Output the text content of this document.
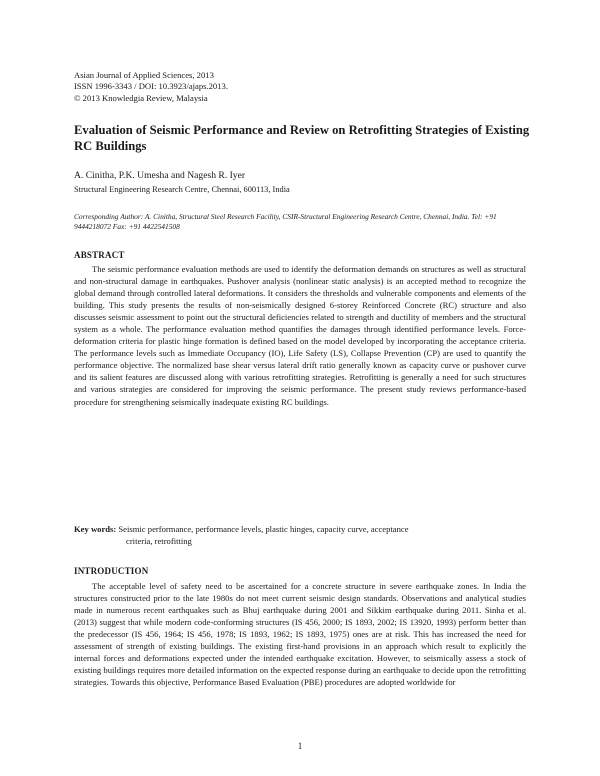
Asian Journal of Applied Sciences, 2013
ISSN 1996-3343 / DOI: 10.3923/ajaps.2013.
© 2013 Knowledgia Review, Malaysia
Evaluation of Seismic Performance and Review on Retrofitting Strategies of Existing RC Buildings
A. Cinitha, P.K. Umesha and Nagesh R. Iyer
Structural Engineering Research Centre, Chennai, 600113, India
Corresponding Author: A. Cinitha, Structural Steel Research Facility, CSIR-Structural Engineering Research Centre, Chennai, India. Tel: +91 9444218072 Fax: +91 4422541508
ABSTRACT

The seismic performance evaluation methods are used to identify the deformation demands on structures as well as structural and non-structural damage in earthquakes. Pushover analysis (nonlinear static analysis) is an accepted method to recognize the global demand through controlled lateral deformations. It considers the thresholds and vulnerable components and elements of the building. This study presents the results of non-seismically designed 6-storey Reinforced Concrete (RC) structure and also discusses seismic assessment to point out the structural deficiencies related to strength and ductility of members and the structural system as a whole. The performance evaluation method quantifies the damages through identified performance levels. Force-deformation criteria for plastic hinge formation is defined based on the model developed by incorporating the acceptance criteria. The performance levels such as Immediate Occupancy (IO), Life Safety (LS), Collapse Prevention (CP) are used to quantify the performance objective. The normalized base shear versus lateral drift ratio generally known as capacity curve or pushover curve and its salient features are discussed along with various retrofitting strategies. Retrofitting is generally a need for such structures and various strategies are considered for improving the seismic performance. The present study reviews performance-based procedure for strengthening seismically inadequate existing RC buildings.

Key words: Seismic performance, performance levels, plastic hinges, capacity curve, acceptance
criteria, retrofitting
INTRODUCTION

The acceptable level of safety need to be ascertained for a concrete structure in severe earthquake zones. In India the structures constructed prior to the late 1980s do not meet current seismic design standards. Observations and analytical studies made in numerous recent earthquakes such as Bhuj earthquake during 2001 and Sikkim earthquake during 2011. Sinha et al. (2013) suggest that while modern code-conforming structures (IS 456, 2000; IS 1893, 2002; IS 13920, 1993) perform better than the predecessor (IS 456, 1964; IS 456, 1978; IS 1893, 1962; IS 1893, 1975) ones are at risk. This has increased the need for assessment of strength of existing buildings. The existing first-hand provisions in an approach which result to explicitly the internal forces and deformations expected under the intended earthquake excitation. However, to seismically assess a stock of existing buildings requires more detailed information on the expected response during an earthquake to decide upon the retrofitting strategies. Towards this objective, Performance Based Evaluation (PBE) procedures are adopted worldwide for

1
